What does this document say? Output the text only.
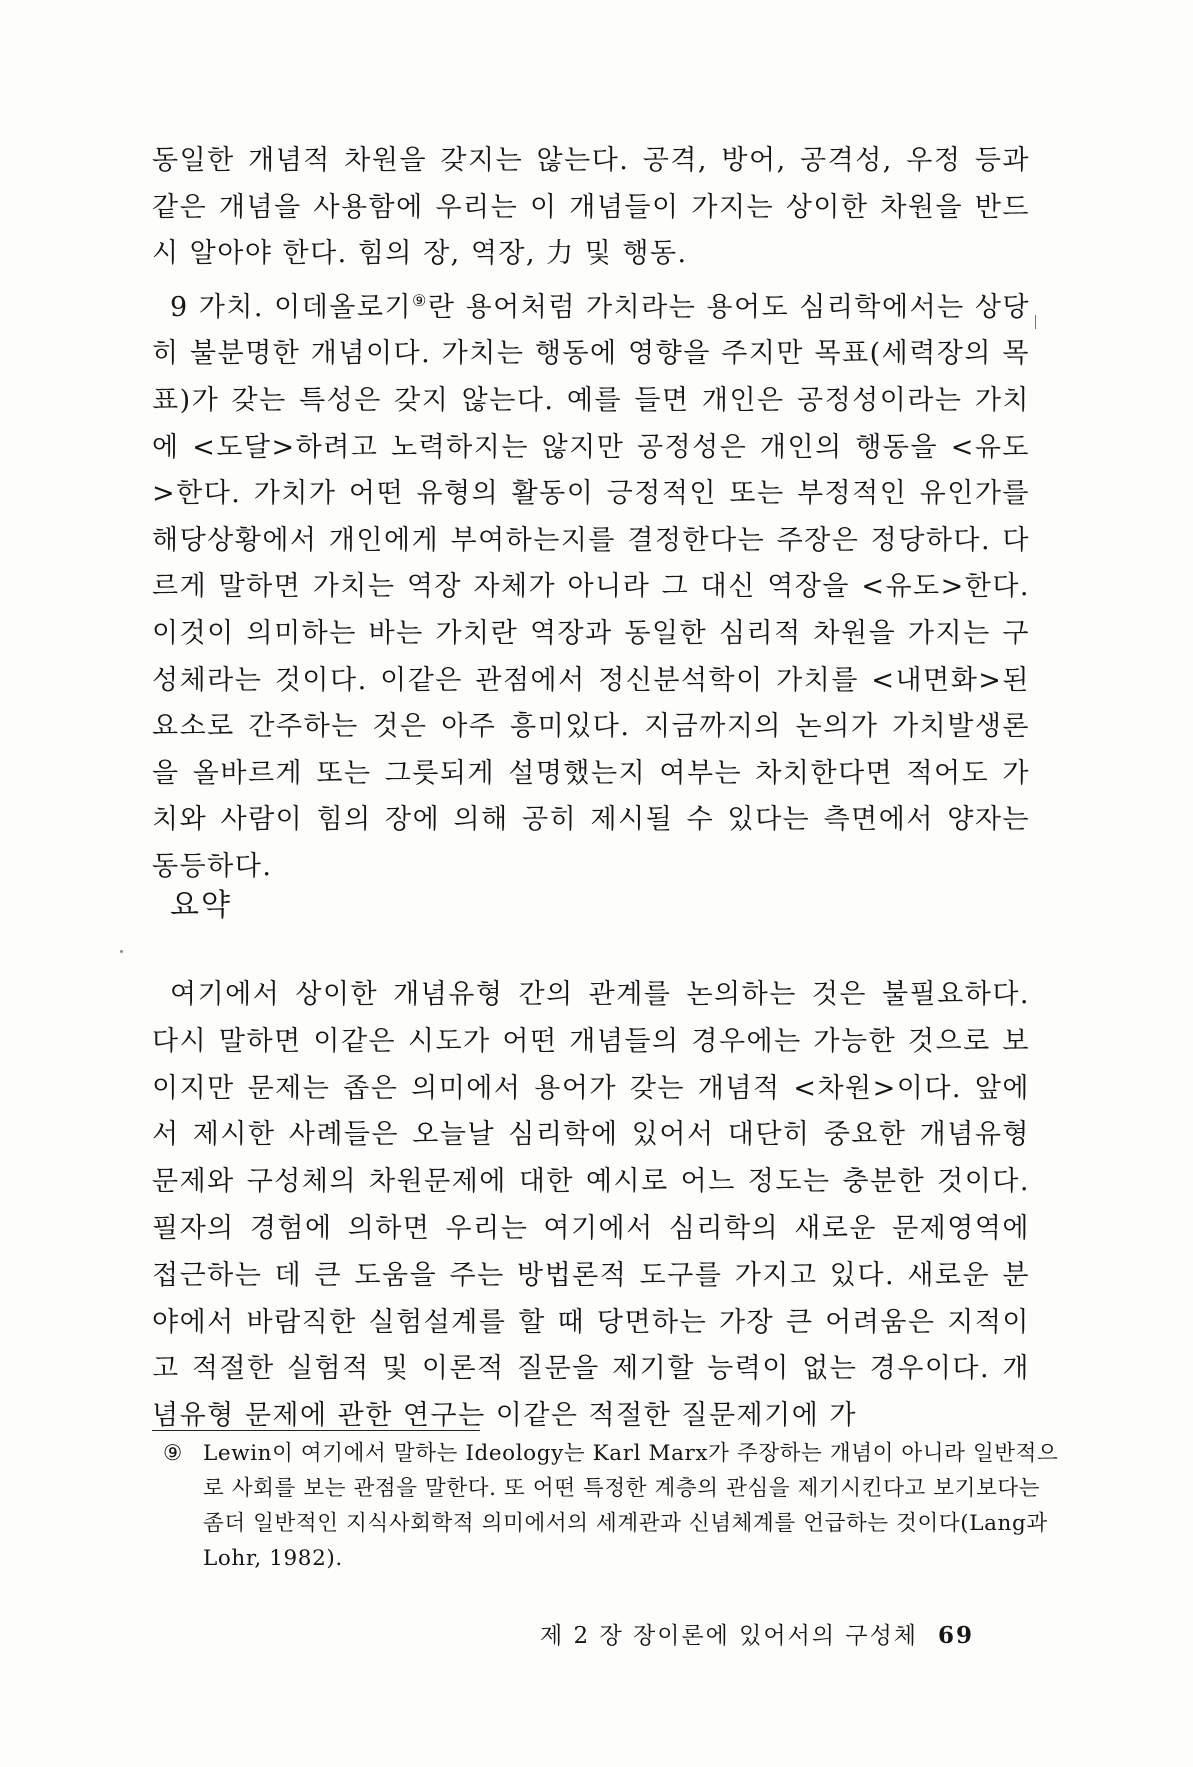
동일한 개념적 차원을 갖지는 않는다. 공격, 방어, 공격성, 우정 등과 같은 개념을 사용함에 우리는 이 개념들이 가지는 상이한 차원을 반드시 알아야 한다. 힘의 장, 역장, 力 및 행동.

9 가치. 이데올로기⑨란 용어처럼 가치라는 용어도 심리학에서는 상당히 불분명한 개념이다. 가치는 행동에 영향을 주지만 목표(세력장의 목표)가 갖는 특성은 갖지 않는다. 예를 들면 개인은 공정성이라는 가치에 <도달>하려고 노력하지는 않지만 공정성은 개인의 행동을 <유도>한다. 가치가 어떤 유형의 활동이 긍정적인 또는 부정적인 유인가를 해당상황에서 개인에게 부여하는지를 결정한다는 주장은 정당하다. 다르게 말하면 가치는 역장 자체가 아니라 그 대신 역장을 <유도>한다. 이것이 의미하는 바는 가치란 역장과 동일한 심리적 차원을 가지는 구성체라는 것이다. 이같은 관점에서 정신분석학이 가치를 <내면화>된 요소로 간주하는 것은 아주 흥미있다. 지금까지의 논의가 가치발생론을 올바르게 또는 그릇되게 설명했는지 여부는 차치한다면 적어도 가치와 사람이 힘의 장에 의해 공히 제시될 수 있다는 측면에서 양자는 동등하다.

요약

여기에서 상이한 개념유형 간의 관계를 논의하는 것은 불필요하다. 다시 말하면 이같은 시도가 어떤 개념들의 경우에는 가능한 것으로 보이지만 문제는 좁은 의미에서 용어가 갖는 개념적 <차원>이다. 앞에서 제시한 사례들은 오늘날 심리학에 있어서 대단히 중요한 개념유형문제와 구성체의 차원문제에 대한 예시로 어느 정도는 충분한 것이다. 필자의 경험에 의하면 우리는 여기에서 심리학의 새로운 문제영역에 접근하는 데 큰 도움을 주는 방법론적 도구를 가지고 있다. 새로운 분야에서 바람직한 실험설계를 할 때 당면하는 가장 큰 어려움은 지적이고 적절한 실험적 및 이론적 질문을 제기할 능력이 없는 경우이다. 개념유형 문제에 관한 연구는 이같은 적절한 질문제기에 가

⑨ Lewin이 여기에서 말하는 Ideology는 Karl Marx가 주장하는 개념이 아니라 일반적으로 사회를 보는 관점을 말한다. 또 어떤 특정한 계층의 관심을 제기시킨다고 보기보다는 좀더 일반적인 지식사회학적 의미에서의 세계관과 신념체계를 언급하는 것이다(Lang과 Lohr, 1982).

제 2 장 장이론에 있어서의 구성체 69
